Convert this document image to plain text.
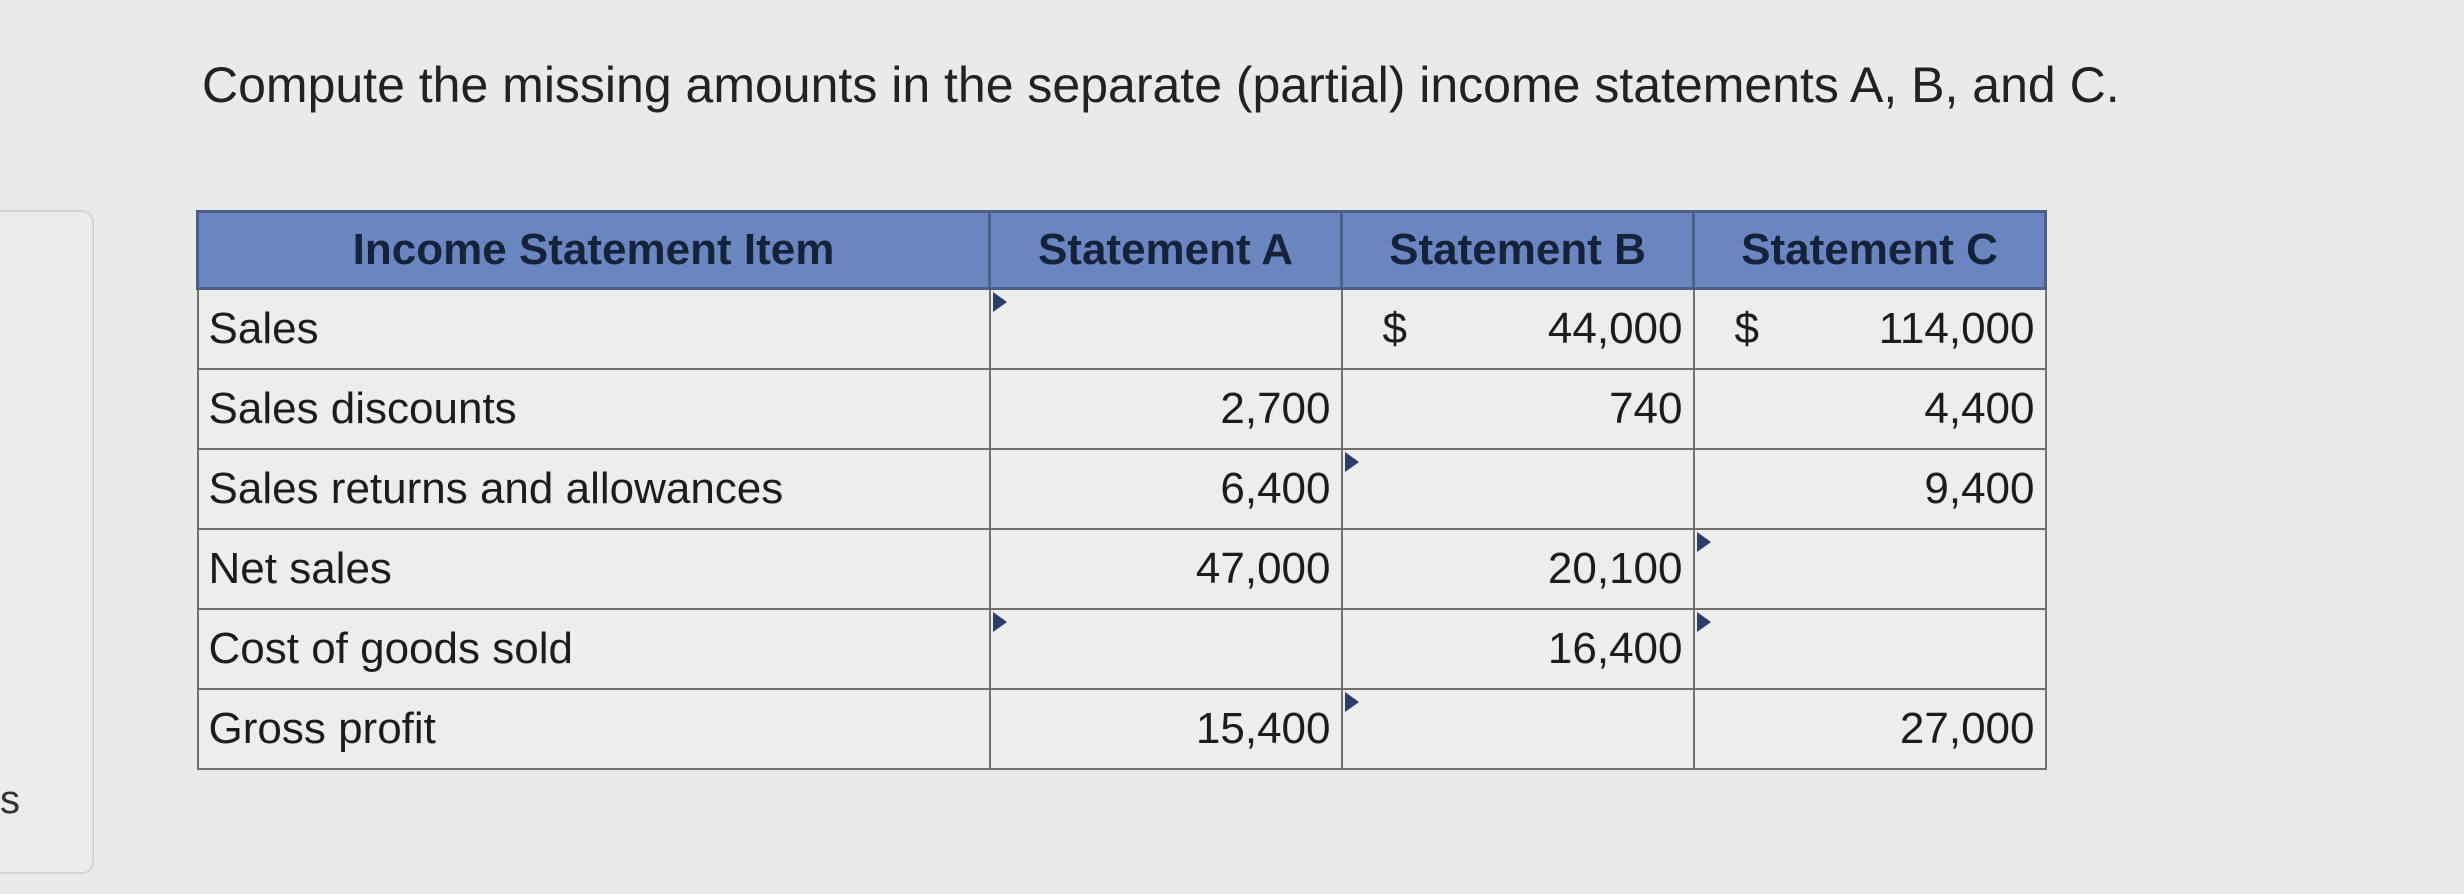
s
Compute the missing amounts in the separate (partial) income statements A, B, and C.
Income Statement Item	Statement A	Statement B	Statement C
Sales		$ 44,000	$ 114,000
Sales discounts	2,700	740	4,400
Sales returns and allowances	6,400		9,400
Net sales	47,000	20,100	

Cost of goods sold		16,400	

Gross profit	15,400		27,000
